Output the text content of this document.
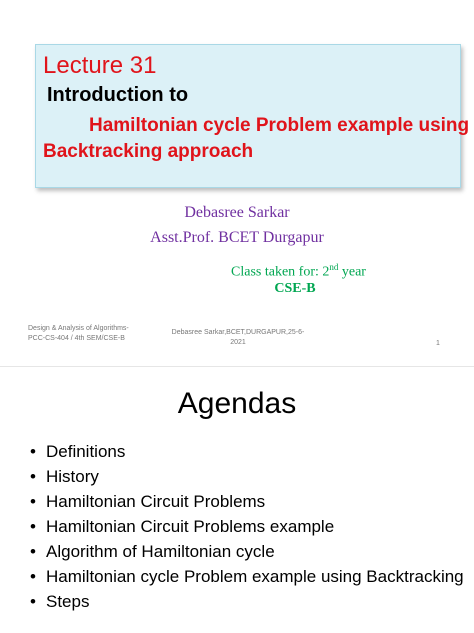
Lecture 31
Introduction to
Hamiltonian cycle Problem example using
Backtracking approach
Debasree Sarkar
Asst.Prof. BCET Durgapur
Class taken for: 2nd year
CSE-B
Design & Analysis of Algorithms-PCC-CS-404 / 4th SEM/CSE-B
Debasree Sarkar,BCET,DURGAPUR,25-6-2021	1
Agendas
• Definitions
• History
• Hamiltonian Circuit Problems
• Hamiltonian Circuit Problems example
• Algorithm of Hamiltonian cycle
• Hamiltonian cycle Problem example using Backtracking
• Steps
